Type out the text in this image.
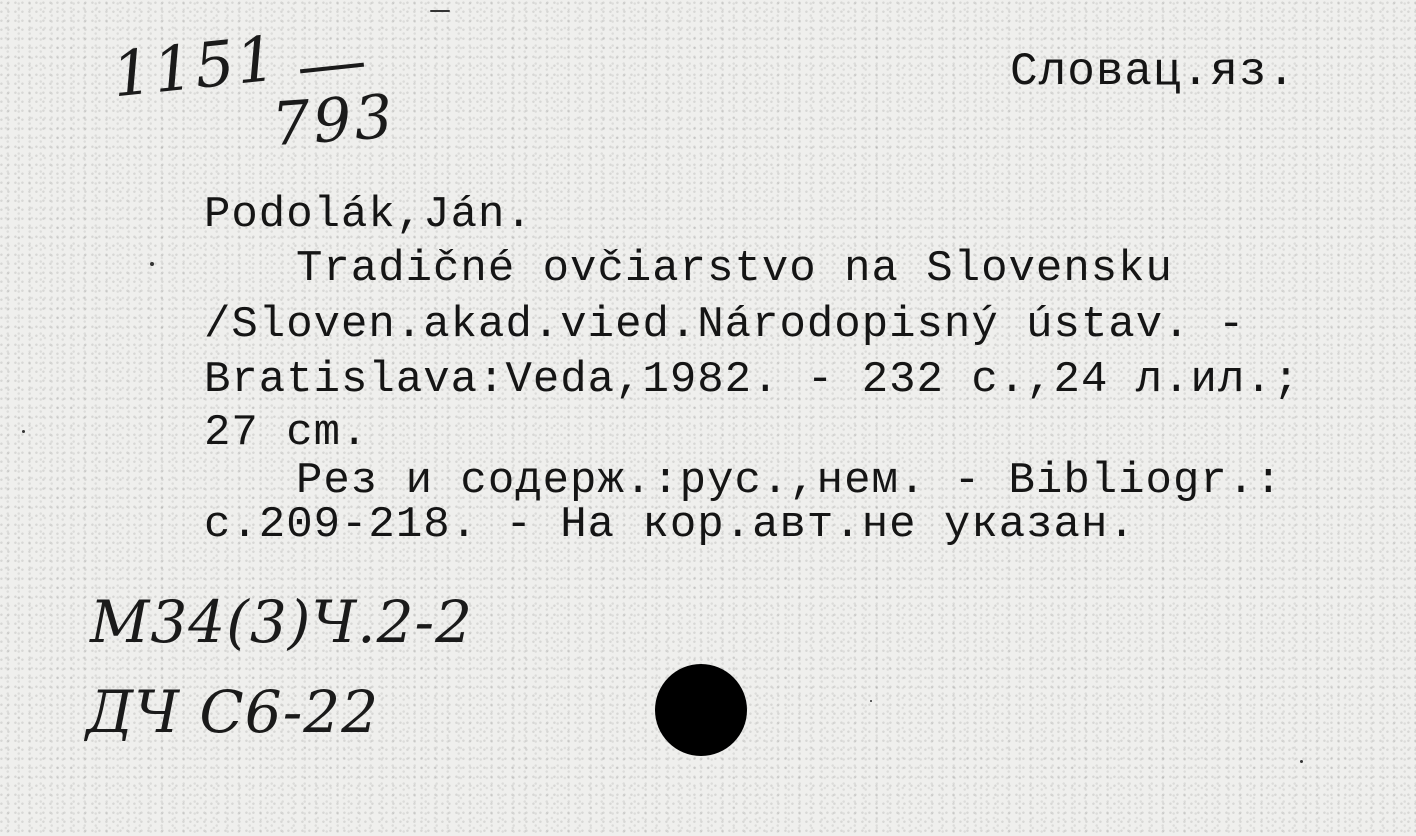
1151
793
Словац.яз.
Podolák,Ján.
Tradičné ovčiarstvo na Slovensku
/Sloven.akad.vied.Národopisný ústav. -
Bratislava:Veda,1982. - 232 с.,24 л.ил.;
27 cm.
Рез и содерж.:рус.,нем. - Bibliogr.:
c.209-218. - На кор.авт.не указан.
M34(3)Ч.2-2
ДЧ С6-22
